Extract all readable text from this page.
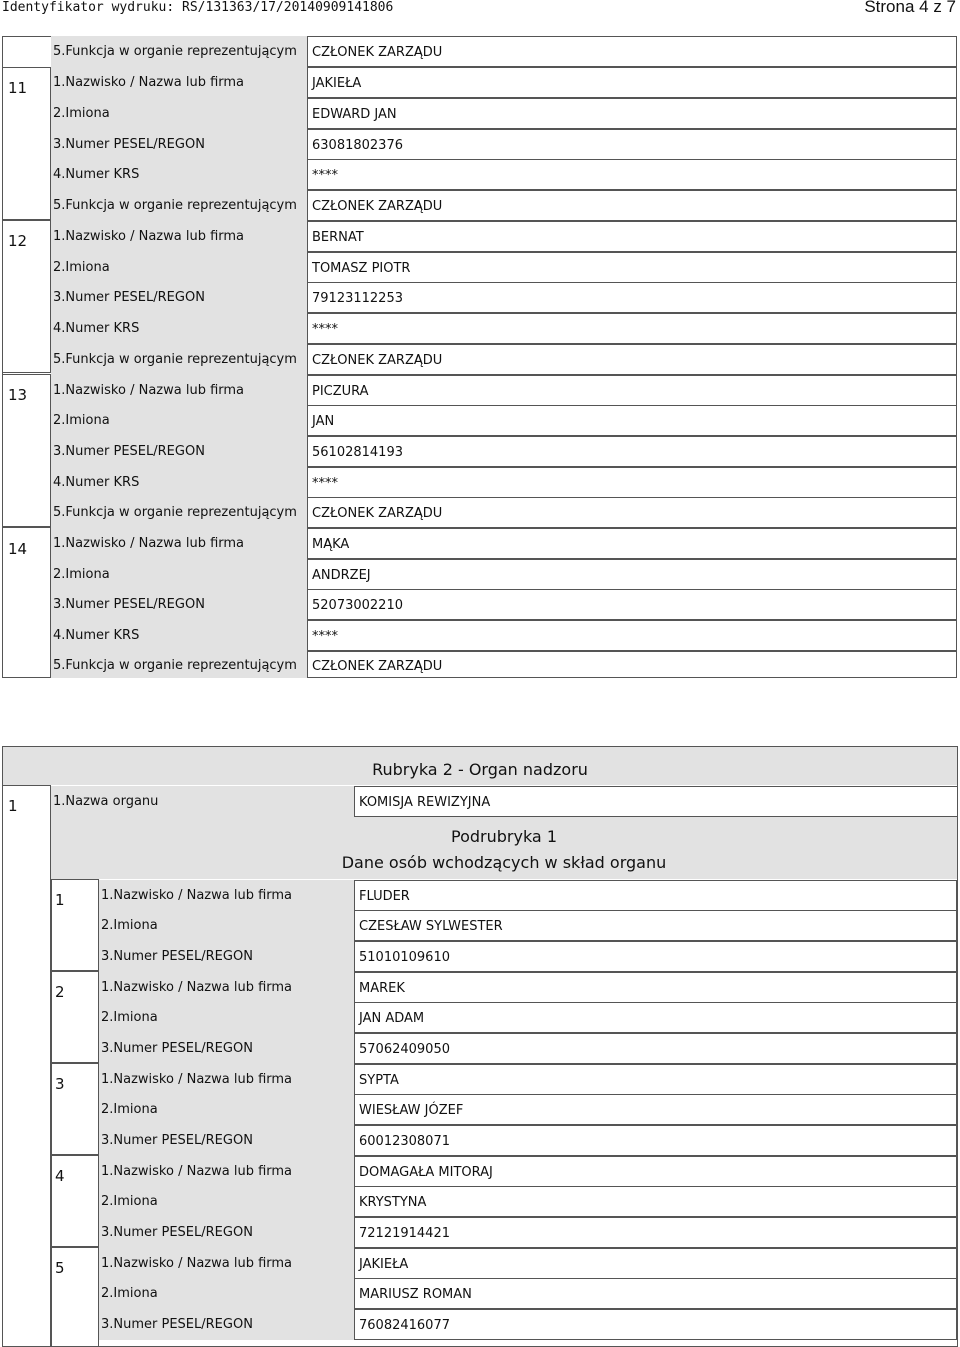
Identyfikator wydruku: RS/131363/17/20140909141806	Strona 4 z 7
5.Funkcja w organie reprezentującym	CZŁONEK ZARZĄDU
11 1.Nazwisko / Nazwa lub firma	JAKIEŁA
2.Imiona	EDWARD JAN
3.Numer PESEL/REGON	63081802376
4.Numer KRS	****
5.Funkcja w organie reprezentującym	CZŁONEK ZARZĄDU
12 1.Nazwisko / Nazwa lub firma	BERNAT
2.Imiona	TOMASZ PIOTR
3.Numer PESEL/REGON	79123112253
4.Numer KRS	****
5.Funkcja w organie reprezentującym	CZŁONEK ZARZĄDU
13 1.Nazwisko / Nazwa lub firma	PICZURA
2.Imiona	JAN
3.Numer PESEL/REGON	56102814193
4.Numer KRS	****
5.Funkcja w organie reprezentującym	CZŁONEK ZARZĄDU
14 1.Nazwisko / Nazwa lub firma	MĄKA
2.Imiona	ANDRZEJ
3.Numer PESEL/REGON	52073002210
4.Numer KRS	****
5.Funkcja w organie reprezentującym	CZŁONEK ZARZĄDU
Rubryka 2 - Organ nadzoru
1	1.Nazwa organu	KOMISJA REWIZYJNA
Podrubryka 1
Dane osób wchodzących w skład organu
1	1.Nazwisko / Nazwa lub firma	FLUDER
2.Imiona	CZESŁAW SYLWESTER
3.Numer PESEL/REGON	51010109610
2	1.Nazwisko / Nazwa lub firma	MAREK
2.Imiona	JAN ADAM
3.Numer PESEL/REGON	57062409050
3	1.Nazwisko / Nazwa lub firma	SYPTA
2.Imiona	WIESŁAW JÓZEF
3.Numer PESEL/REGON	60012308071
4	1.Nazwisko / Nazwa lub firma	DOMAGAŁA MITORAJ
2.Imiona	KRYSTYNA
3.Numer PESEL/REGON	72121914421
5	1.Nazwisko / Nazwa lub firma	JAKIEŁA
2.Imiona	MARIUSZ ROMAN
3.Numer PESEL/REGON	76082416077
